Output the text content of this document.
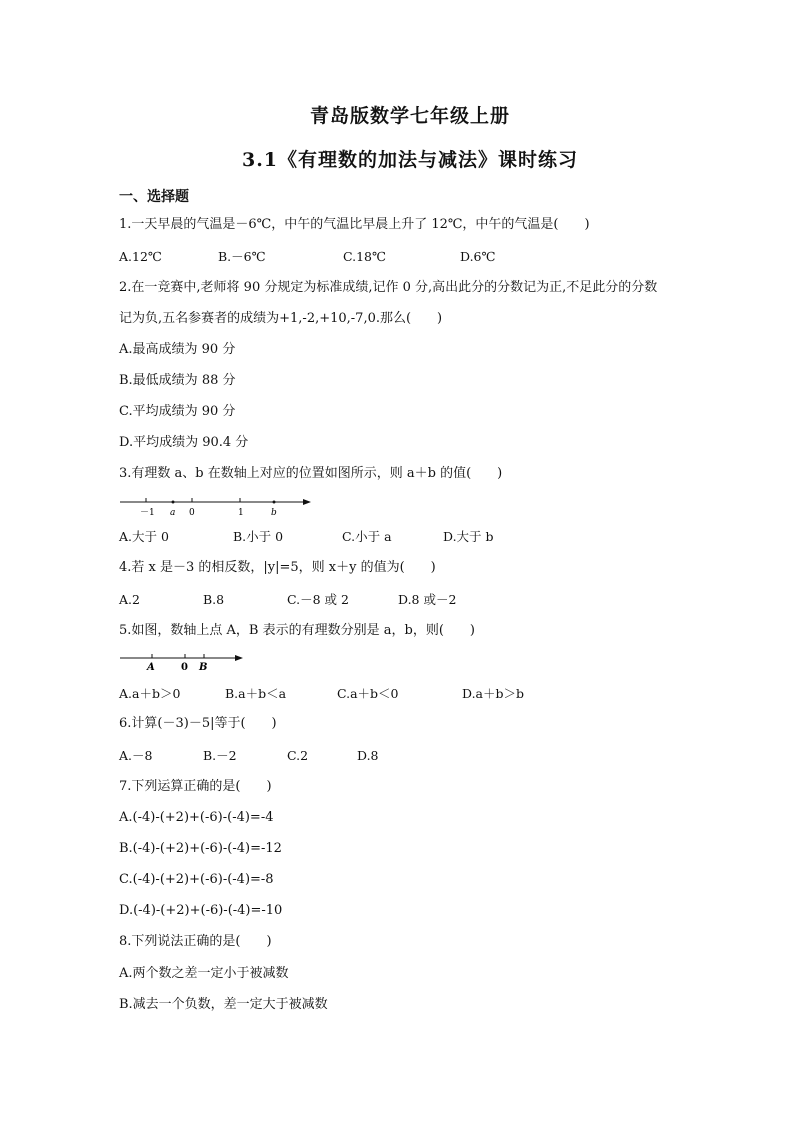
青岛版数学七年级上册
3.1《有理数的加法与减法》课时练习
一、选择题
1.一天早晨的气温是－6℃，中午的气温比早晨上升了 12℃，中午的气温是(　　)
A.12℃	B.－6℃	C.18℃	D.6℃
2.在一竞赛中,老师将 90 分规定为标准成绩,记作 0 分,高出此分的分数记为正,不足此分的分数
记为负,五名参赛者的成绩为+1,-2,+10,-7,0.那么(　　)
A.最高成绩为 90 分
B.最低成绩为 88 分
C.平均成绩为 90 分
D.平均成绩为 90.4 分
3.有理数 a、b 在数轴上对应的位置如图所示，则 a＋b 的值(　　)
－1 a 0	1	b
A.大于 0	B.小于 0	C.小于 a	D.大于 b
4.若 x 是－3 的相反数，|y|=5，则 x＋y 的值为(　　)
A.2	B.8	C.－8 或 2	D.8 或－2
5.如图，数轴上点 A，B 表示的有理数分别是 a，b，则(　　)
A	0 B
A.a＋b＞0	B.a＋b＜a	C.a＋b＜0	D.a＋b＞b
6.计算(－3)－5|等于(　　)
A.－8	B.－2	C.2	D.8
7.下列运算正确的是(　　)
A.(-4)-(+2)+(-6)-(-4)=-4
B.(-4)-(+2)+(-6)-(-4)=-12
C.(-4)-(+2)+(-6)-(-4)=-8
D.(-4)-(+2)+(-6)-(-4)=-10
8.下列说法正确的是(　　)
A.两个数之差一定小于被减数
B.减去一个负数，差一定大于被减数
